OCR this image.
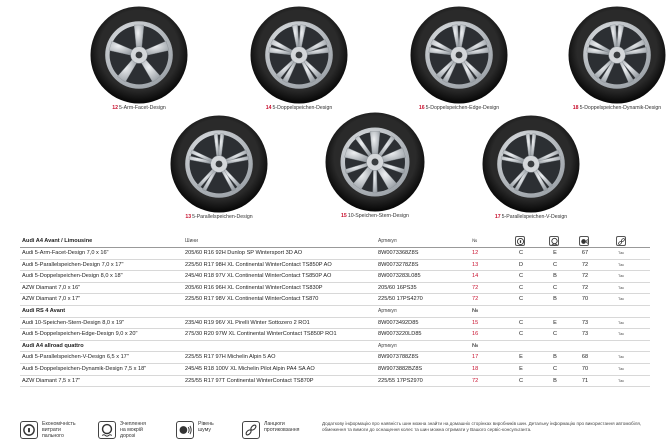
125-Arm-Facet-Design	145-Doppelspeichen-Design	165-Doppelspeichen-Edge-Design	185-Doppelspeichen-Dynamik-Design
135-Parallelspeichen-Design	1510-Speichen-Stern-Design	175-Parallelspeichen-V-Design
Audi A4 Avant / Limousine	Шини	Артикул	№
Audi 5-Arm-Facet-Design 7,0 x 16"	205/60 R16 92H Dunlop SP Wintersport 3D AO	8W0073368Z8S	12	C	E	67	Так
Audi 5-Parallelspeichen-Design 7,0 x 17"	225/50 R17 98H XL Continental WinterContact TS850P AO	8W0073278Z8S	13	D	C	72	Так
Audi 5-Doppelspeichen-Design 8,0 x 18"	245/40 R18 97V XL Continental WinterContact TS850P AO	8W0073283L085	14	C	B	72	Так
AZW Diamant 7,0 x 16"	205/60 R16 96H XL Continental WinterContact TS830P	205/60 16PS35	72	C	C	72	Так
AZW Diamant 7,0 x 17"	225/50 R17 98V XL Continental WinterContact TS870	225/50 17PS4270	72	C	B	70	Так
Audi RS 4 Avant	Артикул	№
Audi 10-Speichen-Stern-Design 8,0 x 19"	235/40 R19 96V XL Pirelli Winter Sottozero 2 RO1	8W0073492D85	15	C	E	73	Так
Audi 5-Doppelspeichen-Edge-Design 9,0 x 20"	275/30 R20 97W XL Continental WinterContact TS850P RO1	8W0073220LD85	16	C	C	73	Так
Audi A4 allroad quattro	Артикул	№
Audi 5-Parallelspeichen-V-Design 6,5 x 17"	225/55 R17 97H Michelin Alpin 5 AO	8W9073788Z8S	17	E	B	68	Так
Audi 5-Doppelspeichen-Dynamik-Design 7,5 x 18"	245/45 R18 100V XL Michelin Pilot Alpin PA4 SA AO	8W9073882BZ8S	18	E	C	70	Так
AZW Diamant 7,5 x 17"	225/55 R17 97T Continental WinterContact TS870P	225/55 17PS2970	72	C	B	71	Так
Економічність
витрати
пального
Зчеплення
на мокрій
дорозі
Рівень
шуму
Ланцюги
протиковзання
Додаткову інформацію про наявність шин можна знайти на домашніх сторінках виробників шин. Детальну інформацію про використання автомобіля, обмеження та вимоги до оснащення колес та шин можна отримати у Вашого сервіс-консультанта.
